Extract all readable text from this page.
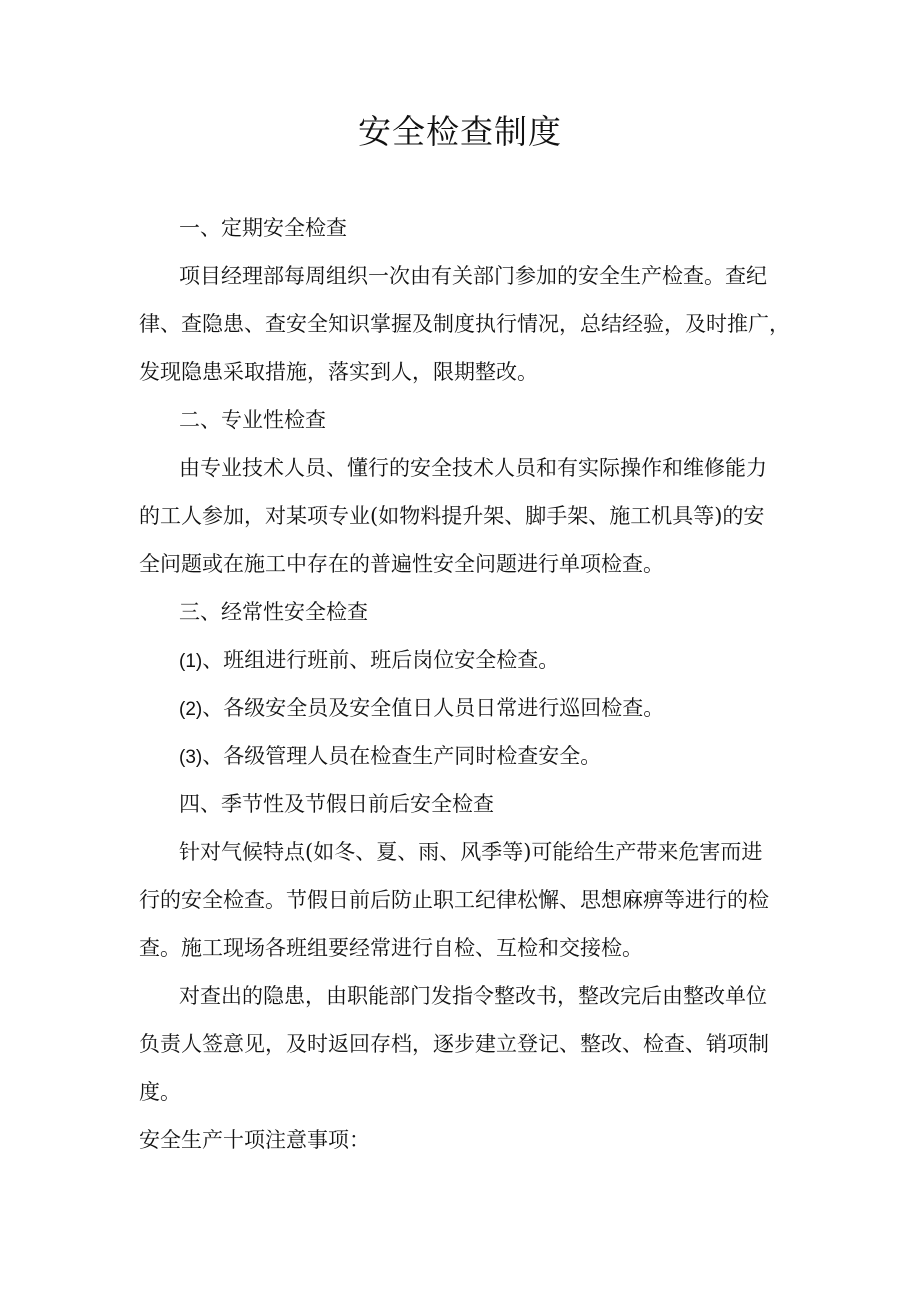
安全检查制度

一、定期安全检查

项目经理部每周组织一次由有关部门参加的安全生产检查。查纪

律、查隐患、查安全知识掌握及制度执行情况，总结经验，及时推广，

发现隐患采取措施，落实到人，限期整改。

二、专业性检查

由专业技术人员、懂行的安全技术人员和有实际操作和维修能力

的工人参加，对某项专业(如物料提升架、脚手架、施工机具等)的安

全问题或在施工中存在的普遍性安全问题进行单项检查。

三、经常性安全检查

(1)、班组进行班前、班后岗位安全检查。

(2)、各级安全员及安全值日人员日常进行巡回检查。

(3)、各级管理人员在检查生产同时检查安全。

四、季节性及节假日前后安全检查

针对气候特点(如冬、夏、雨、风季等)可能给生产带来危害而进

行的安全检查。节假日前后防止职工纪律松懈、思想麻痹等进行的检

查。施工现场各班组要经常进行自检、互检和交接检。

对查出的隐患，由职能部门发指令整改书，整改完后由整改单位

负责人签意见，及时返回存档，逐步建立登记、整改、检查、销项制

度。

安全生产十项注意事项：
